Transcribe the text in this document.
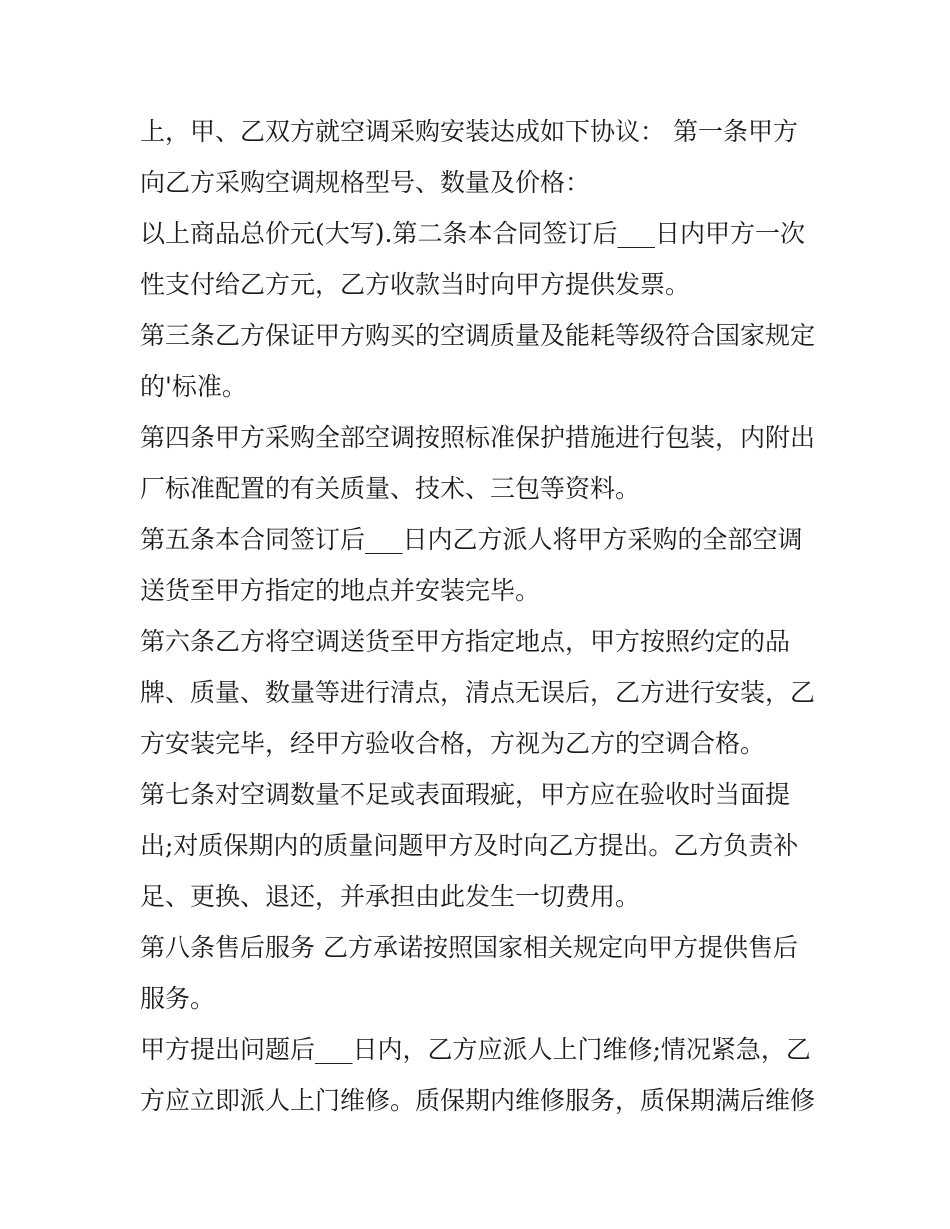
上，甲、乙双方就空调采购安装达成如下协议： 第一条甲方
向乙方采购空调规格型号、数量及价格：
以上商品总价元(大写).第二条本合同签订后___日内甲方一次
性支付给乙方元，乙方收款当时向甲方提供发票。
第三条乙方保证甲方购买的空调质量及能耗等级符合国家规定
的'标准。
第四条甲方采购全部空调按照标准保护措施进行包装，内附出
厂标准配置的有关质量、技术、三包等资料。
第五条本合同签订后___日内乙方派人将甲方采购的全部空调
送货至甲方指定的地点并安装完毕。
第六条乙方将空调送货至甲方指定地点，甲方按照约定的品
牌、质量、数量等进行清点，清点无误后，乙方进行安装，乙
方安装完毕，经甲方验收合格，方视为乙方的空调合格。
第七条对空调数量不足或表面瑕疵，甲方应在验收时当面提
出;对质保期内的质量问题甲方及时向乙方提出。乙方负责补
足、更换、退还，并承担由此发生一切费用。
第八条售后服务 乙方承诺按照国家相关规定向甲方提供售后
服务。
甲方提出问题后___日内，乙方应派人上门维修;情况紧急，乙
方应立即派人上门维修。质保期内维修服务，质保期满后维修
